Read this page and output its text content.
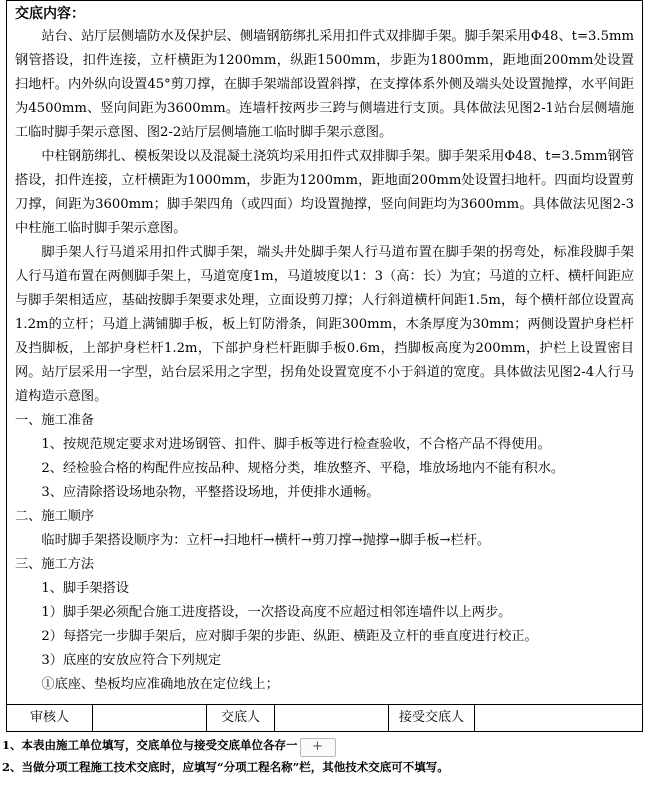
交底内容：

站台、站厅层侧墙防水及保护层、侧墙钢筋绑扎采用扣件式双排脚手架。脚手架采用Φ48、t=3.5mm钢管搭设，扣件连接，立杆横距为1200mm，纵距1500mm，步距为1800mm，距地面200mm处设置扫地杆。内外纵向设置45°剪刀撑，在脚手架端部设置斜撑，在支撑体系外侧及端头处设置抛撑，水平间距为4500mm、竖向间距为3600mm。连墙杆按两步三跨与侧墙进行支顶。具体做法见图2-1站台层侧墙施工临时脚手架示意图、图2-2站厅层侧墙施工临时脚手架示意图。

中柱钢筋绑扎、模板架设以及混凝土浇筑均采用扣件式双排脚手架。脚手架采用Φ48、t=3.5mm钢管搭设，扣件连接，立杆横距为1000mm，步距为1200mm，距地面200mm处设置扫地杆。四面均设置剪刀撑，间距为3600mm；脚手架四角（或四面）均设置抛撑，竖向间距均为3600mm。具体做法见图2-3中柱施工临时脚手架示意图。

脚手架人行马道采用扣件式脚手架，端头井处脚手架人行马道布置在脚手架的拐弯处，标准段脚手架人行马道布置在两侧脚手架上，马道宽度1m，马道坡度以1：3（高：长）为宜；马道的立杆、横杆间距应与脚手架相适应，基础按脚手架要求处理，立面设剪刀撑；人行斜道横杆间距1.5m，每个横杆部位设置高1.2m的立杆；马道上满铺脚手板，板上钉防滑条，间距300mm，木条厚度为30mm；两侧设置护身栏杆及挡脚板，上部护身栏杆1.2m，下部护身栏杆距脚手板0.6m，挡脚板高度为200mm，护栏上设置密目网。站厅层采用一字型，站台层采用之字型，拐角处设置宽度不小于斜道的宽度。具体做法见图2-4人行马道构造示意图。

一、施工准备
1、按规范规定要求对进场钢管、扣件、脚手板等进行检查验收，不合格产品不得使用。
2、经检验合格的构配件应按品种、规格分类，堆放整齐、平稳，堆放场地内不能有积水。
3、应清除搭设场地杂物，平整搭设场地，并使排水通畅。
二、施工顺序
临时脚手架搭设顺序为：立杆→扫地杆→横杆→剪刀撑→抛撑→脚手板→栏杆。
三、施工方法
1、脚手架搭设
1）脚手架必须配合施工进度搭设，一次搭设高度不应超过相邻连墙件以上两步。
2）每搭完一步脚手架后，应对脚手架的步距、纵距、横距及立杆的垂直度进行校正。
3）底座的安放应符合下列规定
①底座、垫板均应准确地放在定位线上；
审核人	交底人	接受交底人
1、本表由施工单位填写，交底单位与接受交底单位各存一 +
2、当做分项工程施工技术交底时，应填写“分项工程名称”栏，其他技术交底可不填写。
